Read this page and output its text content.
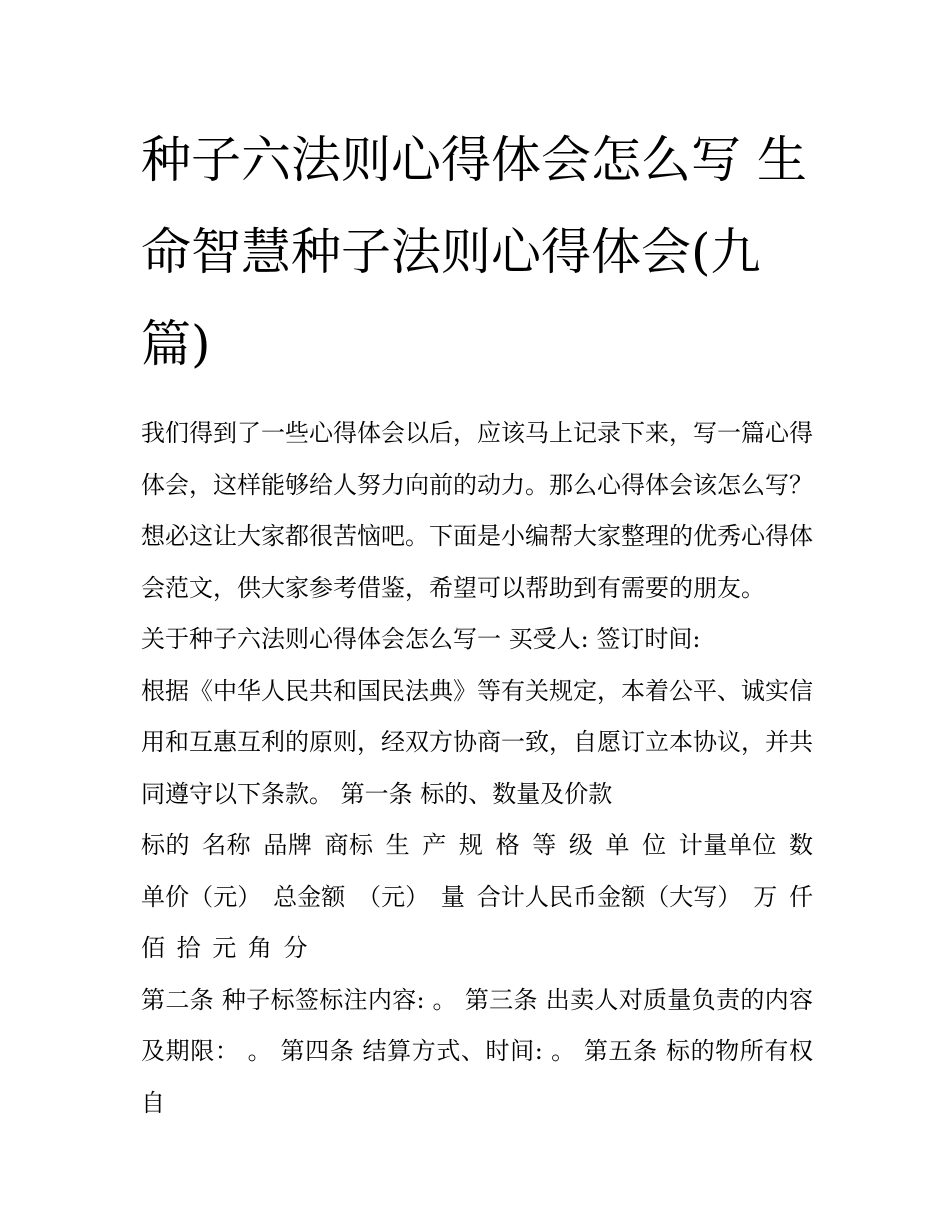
种子六法则心得体会怎么写 生命智慧种子法则心得体会(九篇)

我们得到了一些心得体会以后，应该马上记录下来，写一篇心得体会，这样能够给人努力向前的动力。那么心得体会该怎么写？想必这让大家都很苦恼吧。下面是小编帮大家整理的优秀心得体会范文，供大家参考借鉴，希望可以帮助到有需要的朋友。

关于种子六法则心得体会怎么写一 买受人: 签订时间:

根据《中华人民共和国民法典》等有关规定，本着公平、诚实信用和互惠互利的原则，经双方协商一致，自愿订立本协议，并共同遵守以下条款。 第一条 标的、数量及价款

标的 名称 品牌 商标 生 产 规 格 等 级 单 位 计量单位 数 单价（元） 总金额 （元） 量 合计人民币金额（大写） 万 仟 佰 拾 元 角 分

第二条 种子标签标注内容: 。 第三条 出卖人对质量负责的内容及期限： 。 第四条 结算方式、时间: 。 第五条 标的物所有权自
